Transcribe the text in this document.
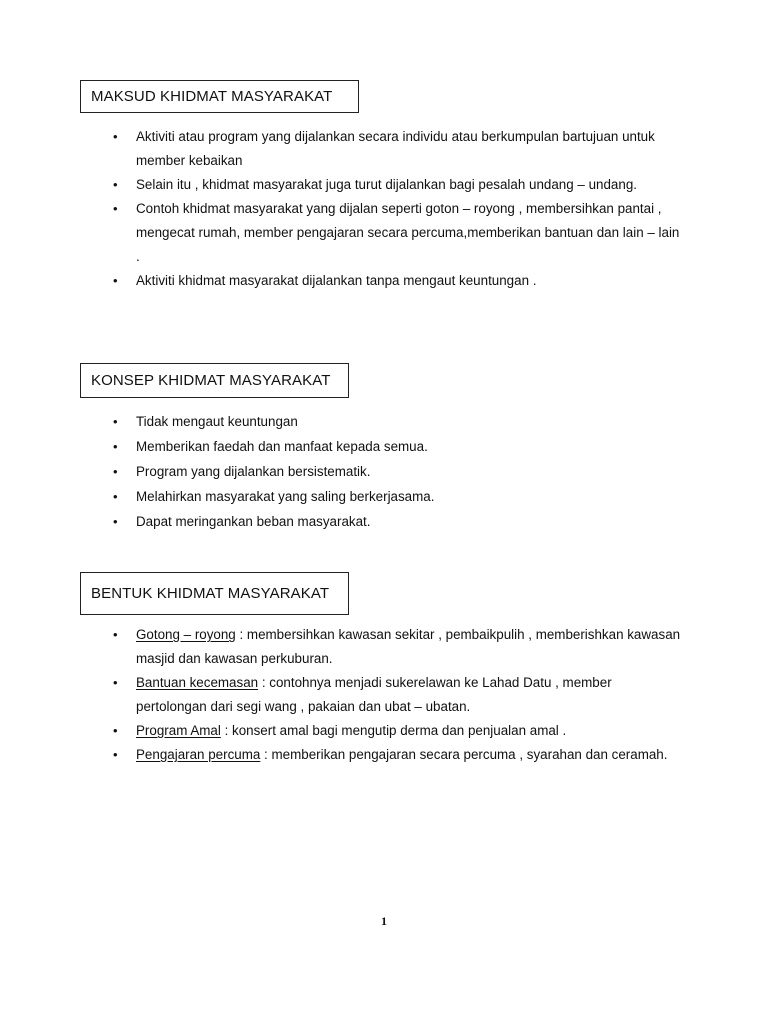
MAKSUD KHIDMAT MASYARAKAT
• Aktiviti atau program yang dijalankan secara individu atau berkumpulan bartujuan untuk member kebaikan
• Selain itu , khidmat masyarakat juga turut dijalankan bagi pesalah undang – undang.
• Contoh khidmat masyarakat yang dijalan seperti goton – royong , membersihkan pantai , mengecat rumah, member pengajaran secara percuma,memberikan bantuan dan lain – lain .
• Aktiviti khidmat masyarakat dijalankan tanpa mengaut keuntungan .
KONSEP KHIDMAT MASYARAKAT
• Tidak mengaut keuntungan
• Memberikan faedah dan manfaat kepada semua.
• Program yang dijalankan bersistematik.
• Melahirkan masyarakat yang saling berkerjasama.
• Dapat meringankan beban masyarakat.
BENTUK KHIDMAT MASYARAKAT
• Gotong – royong : membersihkan kawasan sekitar , pembaikpulih , memberishkan kawasan masjid dan kawasan perkuburan.
• Bantuan kecemasan : contohnya menjadi sukerelawan ke Lahad Datu , member pertolongan dari segi wang , pakaian dan ubat – ubatan.
• Program Amal : konsert amal bagi mengutip derma dan penjualan amal .
• Pengajaran percuma : memberikan pengajaran secara percuma , syarahan dan ceramah.
1
